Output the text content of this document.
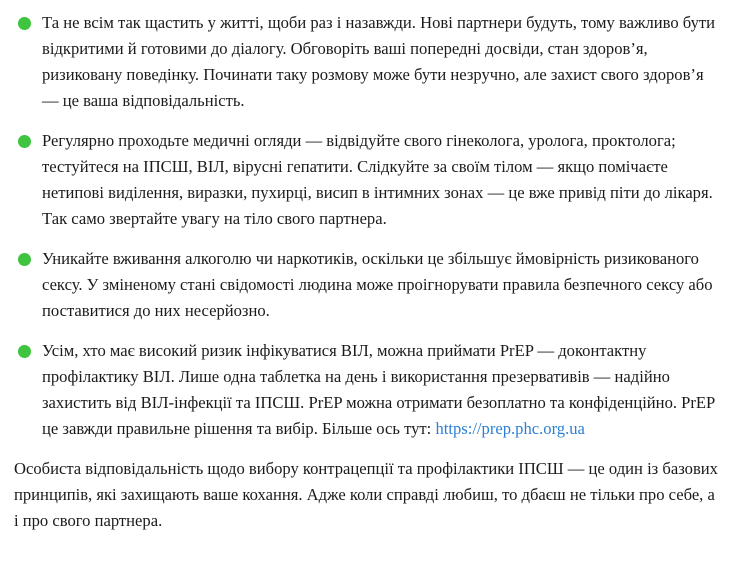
Та не всім так щастить у житті, щоби раз і назавжди. Нові партнери будуть, тому важливо бути відкритими й готовими до діалогу. Обговоріть ваші попередні досвіди, стан здоров’я, ризиковану поведінку. Починати таку розмову може бути незручно, але захист свого здоров’я — це ваша відповідальність.

Регулярно проходьте медичні огляди — відвідуйте свого гінеколога, уролога, проктолога; тестуйтеся на ІПСШ, ВІЛ, вірусні гепатити. Слідкуйте за своїм тілом — якщо помічаєте нетипові виділення, виразки, пухирці, висип в інтимних зонах — це вже привід піти до лікаря. Так само звертайте увагу на тіло свого партнера.

Уникайте вживання алкоголю чи наркотиків, оскільки це збільшує ймовірність ризикованого сексу. У зміненому стані свідомості людина може проігнорувати правила безпечного сексу або поставитися до них несерйозно.

Усім, хто має високий ризик інфікуватися ВІЛ, можна приймати PrEP — доконтактну профілактику ВІЛ. Лише одна таблетка на день і використання презервативів — надійно захистить від ВІЛ-інфекції та ІПСШ. PrEP можна отримати безоплатно та конфіденційно. PrEP це завжди правильне рішення та вибір. Більше ось тут: https://prep.phc.org.ua

Особиста відповідальність щодо вибору контрацепції та профілактики ІПСШ — це один із базових принципів, які захищають ваше кохання. Адже коли справді любиш, то дбаєш не тільки про себе, а і про свого партнера.
